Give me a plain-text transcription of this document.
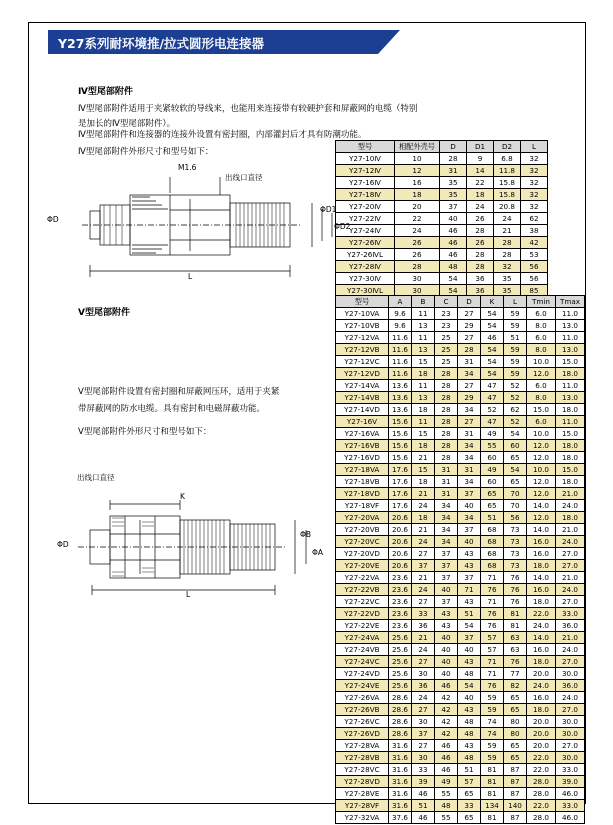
Y27系列耐环境推/拉式圆形电连接器
Ⅳ型尾部附件
Ⅳ型尾部附件适用于夹紧较软的导线来，也能用来连接带有较硬护套和屏蔽网的电缆（特别是加长的Ⅳ型尾部附件）。
Ⅳ型尾部附件和连接器的连接外设置有密封圈，内部灌封后才具有防潮功能。
Ⅳ型尾部附件外形尺寸和型号如下：
M1.6
出线口直径
ΦD
ΦD1
ΦD2
L
型号	相配外壳号	D	D1	D2	L
Y27-10Ⅳ	10	28	9	6.8	32
Y27-12Ⅳ	12	31	14	11.8	32
Y27-16Ⅳ	16	35	22	15.8	32
Y27-18Ⅳ	18	35	18	15.8	32
Y27-20Ⅳ	20	37	24	20.8	32
Y27-22Ⅳ	22	40	26	24	62
Y27-24Ⅳ	24	46	28	21	38
Y27-26Ⅳ	26	46	26	28	42
Y27-26ⅣL	26	46	28	28	53
Y27-28Ⅳ	28	48	28	32	56
Y27-30Ⅳ	30	54	36	35	56
Y27-30ⅣL	30	54	36	35	85
Ⅴ型尾部附件
Ⅴ型尾部附件设置有密封圈和屏蔽网压环，适用于夹紧
带屏蔽网的防水电缆。具有密封和电磁屏蔽功能。
Ⅴ型尾部附件外形尺寸和型号如下：
出线口直径
K
ΦD
ΦB
ΦA
L
型号	A	B	C	D	K	L	Tmin	Tmax
Y27-10VA	9.6	11	23	27	54	59	6.0	11.0
Y27-10VB	9.6	13	23	29	54	59	8.0	13.0
Y27-12VA	11.6	11	25	27	46	51	6.0	11.0
Y27-12VB	11.6	13	25	28	54	59	8.0	13.0
Y27-12VC	11.6	15	25	31	54	59	10.0	15.0
Y27-12VD	11.6	18	28	34	54	59	12.0	18.0
Y27-14VA	13.6	11	28	27	47	52	6.0	11.0
Y27-14VB	13.6	13	28	29	47	52	8.0	13.0
Y27-14VD	13.6	18	28	34	52	62	15.0	18.0
Y27-16V	15.6	11	28	27	47	52	6.0	11.0
Y27-16VA	15.6	15	28	31	49	54	10.0	15.0
Y27-16VB	15.6	18	28	34	55	60	12.0	18.0
Y27-16VD	15.6	21	28	34	60	65	12.0	18.0
Y27-18VA	17.6	15	31	31	49	54	10.0	15.0
Y27-18VB	17.6	18	31	34	60	65	12.0	18.0
Y27-18VD	17.6	21	31	37	65	70	12.0	21.0
Y27-18VF	17.6	24	34	40	65	70	14.0	24.0
Y27-20VA	20.6	18	34	34	51	56	12.0	18.0
Y27-20VB	20.6	21	34	37	68	73	14.0	21.0
Y27-20VC	20.6	24	34	40	68	73	16.0	24.0
Y27-20VD	20.6	27	37	43	68	73	16.0	27.0
Y27-20VE	20.6	37	37	43	68	73	18.0	27.0
Y27-22VA	23.6	21	37	37	71	76	14.0	21.0
Y27-22VB	23.6	24	40	71	76	76	16.0	24.0
Y27-22VC	23.6	27	37	43	71	76	18.0	27.0
Y27-22VD	23.6	33	43	51	76	81	22.0	33.0
Y27-22VE	23.6	36	43	54	76	81	24.0	36.0
Y27-24VA	25.6	21	40	37	57	63	14.0	21.0
Y27-24VB	25.6	24	40	40	57	63	16.0	24.0
Y27-24VC	25.6	27	40	43	71	76	18.0	27.0
Y27-24VD	25.6	30	40	48	71	77	20.0	30.0
Y27-24VE	25.6	36	46	54	76	82	24.0	36.0
Y27-26VA	28.6	24	42	40	59	65	16.0	24.0
Y27-26VB	28.6	27	42	43	59	65	18.0	27.0
Y27-26VC	28.6	30	42	48	74	80	20.0	30.0
Y27-26VD	28.6	37	42	48	74	80	20.0	30.0
Y27-28VA	31.6	27	46	43	59	65	20.0	27.0
Y27-28VB	31.6	30	46	48	59	65	22.0	30.0
Y27-28VC	31.6	33	46	51	81	87	22.0	33.0
Y27-28VD	31.6	39	49	57	81	87	28.0	39.0
Y27-28VE	31.6	46	55	65	81	87	28.0	46.0
Y27-28VF	31.6	51	48	33	134	140	22.0	33.0
Y27-32VA	37.6	46	55	65	81	87	28.0	46.0
